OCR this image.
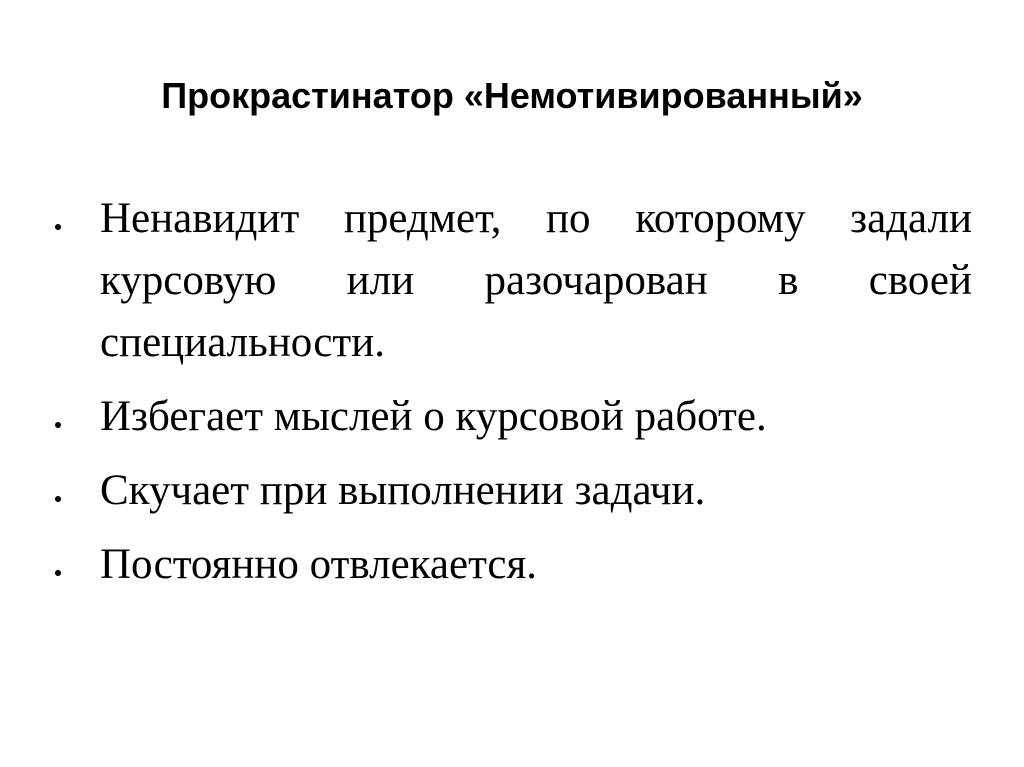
Прокрастинатор «Немотивированный»
Ненавидит предмет, по которому задали курсовую или разочарован в своей специальности.
Избегает мыслей о курсовой работе.
Скучает при выполнении задачи.
Постоянно отвлекается.
